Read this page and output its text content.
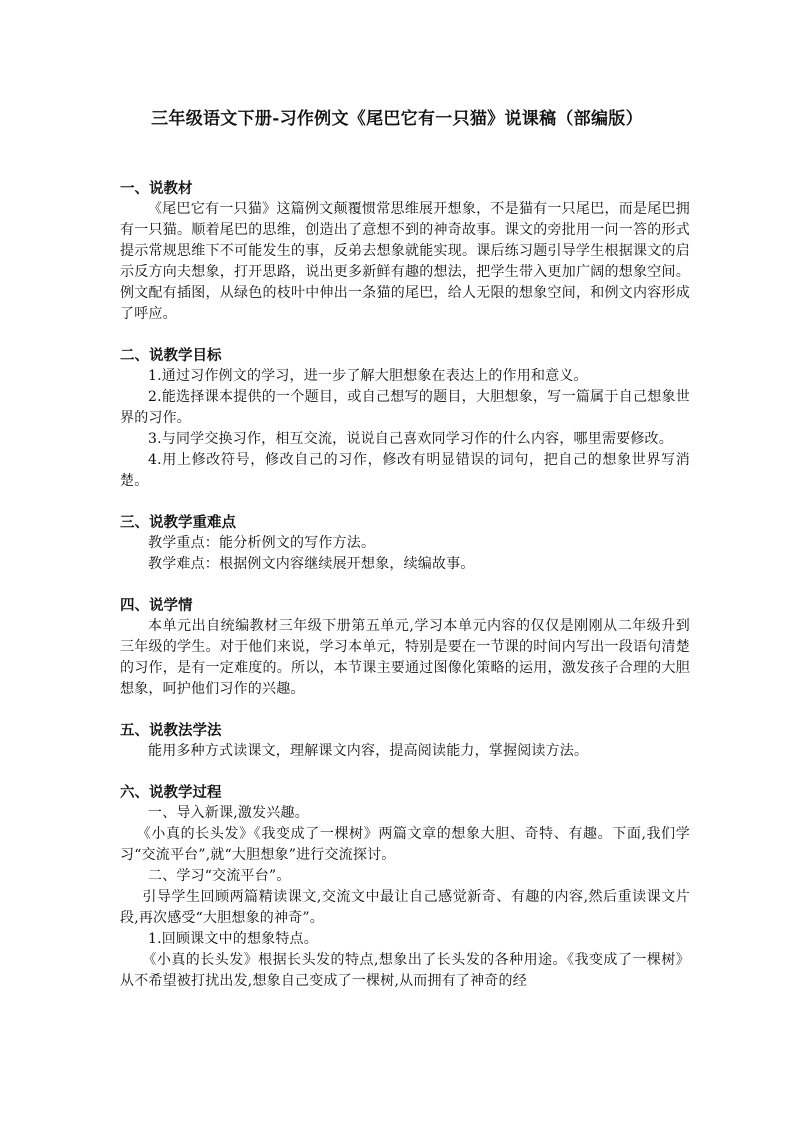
三年级语文下册-习作例文《尾巴它有一只猫》说课稿（部编版）

一、说教材

《尾巴它有一只猫》这篇例文颠覆惯常思维展开想象，不是猫有一只尾巴，而是尾巴拥有一只猫。顺着尾巴的思维，创造出了意想不到的神奇故事。课文的旁批用一问一答的形式提示常规思维下不可能发生的事，反弟去想象就能实现。课后练习题引导学生根据课文的启示反方向夫想象，打开思路，说出更多新鲜有趣的想法，把学生带入更加广阔的想象空间。例文配有插图，从绿色的枝叶中伸出一条猫的尾巴，给人无限的想象空间，和例文内容形成了呼应。

二、说教学目标

1.通过习作例文的学习，进一步了解大胆想象在表达上的作用和意义。

2.能选择课本提供的一个题目，或自己想写的题目，大胆想象，写一篇属于自己想象世界的习作。

3.与同学交换习作，相互交流，说说自己喜欢同学习作的什么内容，哪里需要修改。

4.用上修改符号，修改自己的习作，修改有明显错误的词句，把自己的想象世界写消楚。

三、说教学重难点

教学重点：能分析例文的写作方法。

教学难点：根据例文内容继续展开想象，续编故事。

四、说学情

本单元出自统编教材三年级下册第五单元,学习本单元内容的仅仅是刚刚从二年级升到三年级的学生。对于他们来说，学习本单元，特别是要在一节课的时间内写出一段语句清楚的习作，是有一定难度的。所以，本节课主要通过图像化策略的运用，激发孩子合理的大胆想象，呵护他们习作的兴趣。

五、说教法学法

能用多种方式读课文，理解课文内容，提高阅读能力，掌握阅读方法。

六、说教学过程

一、导入新课,激发兴趣。

《小真的长头发》《我变成了一棵树》两篇文章的想象大胆、奇特、有趣。下面,我们学习“交流平台”,就“大胆想象”进行交流探讨。

二、学习“交流平台”。

引导学生回顾两篇精读课文,交流文中最让自己感觉新奇、有趣的内容,然后重读课文片段,再次感受“大胆想象的神奇”。

1.回顾课文中的想象特点。

《小真的长头发》根据长头发的特点,想象出了长头发的各种用途。《我变成了一棵树》从不希望被打扰出发,想象自己变成了一棵树,从而拥有了神奇的经
